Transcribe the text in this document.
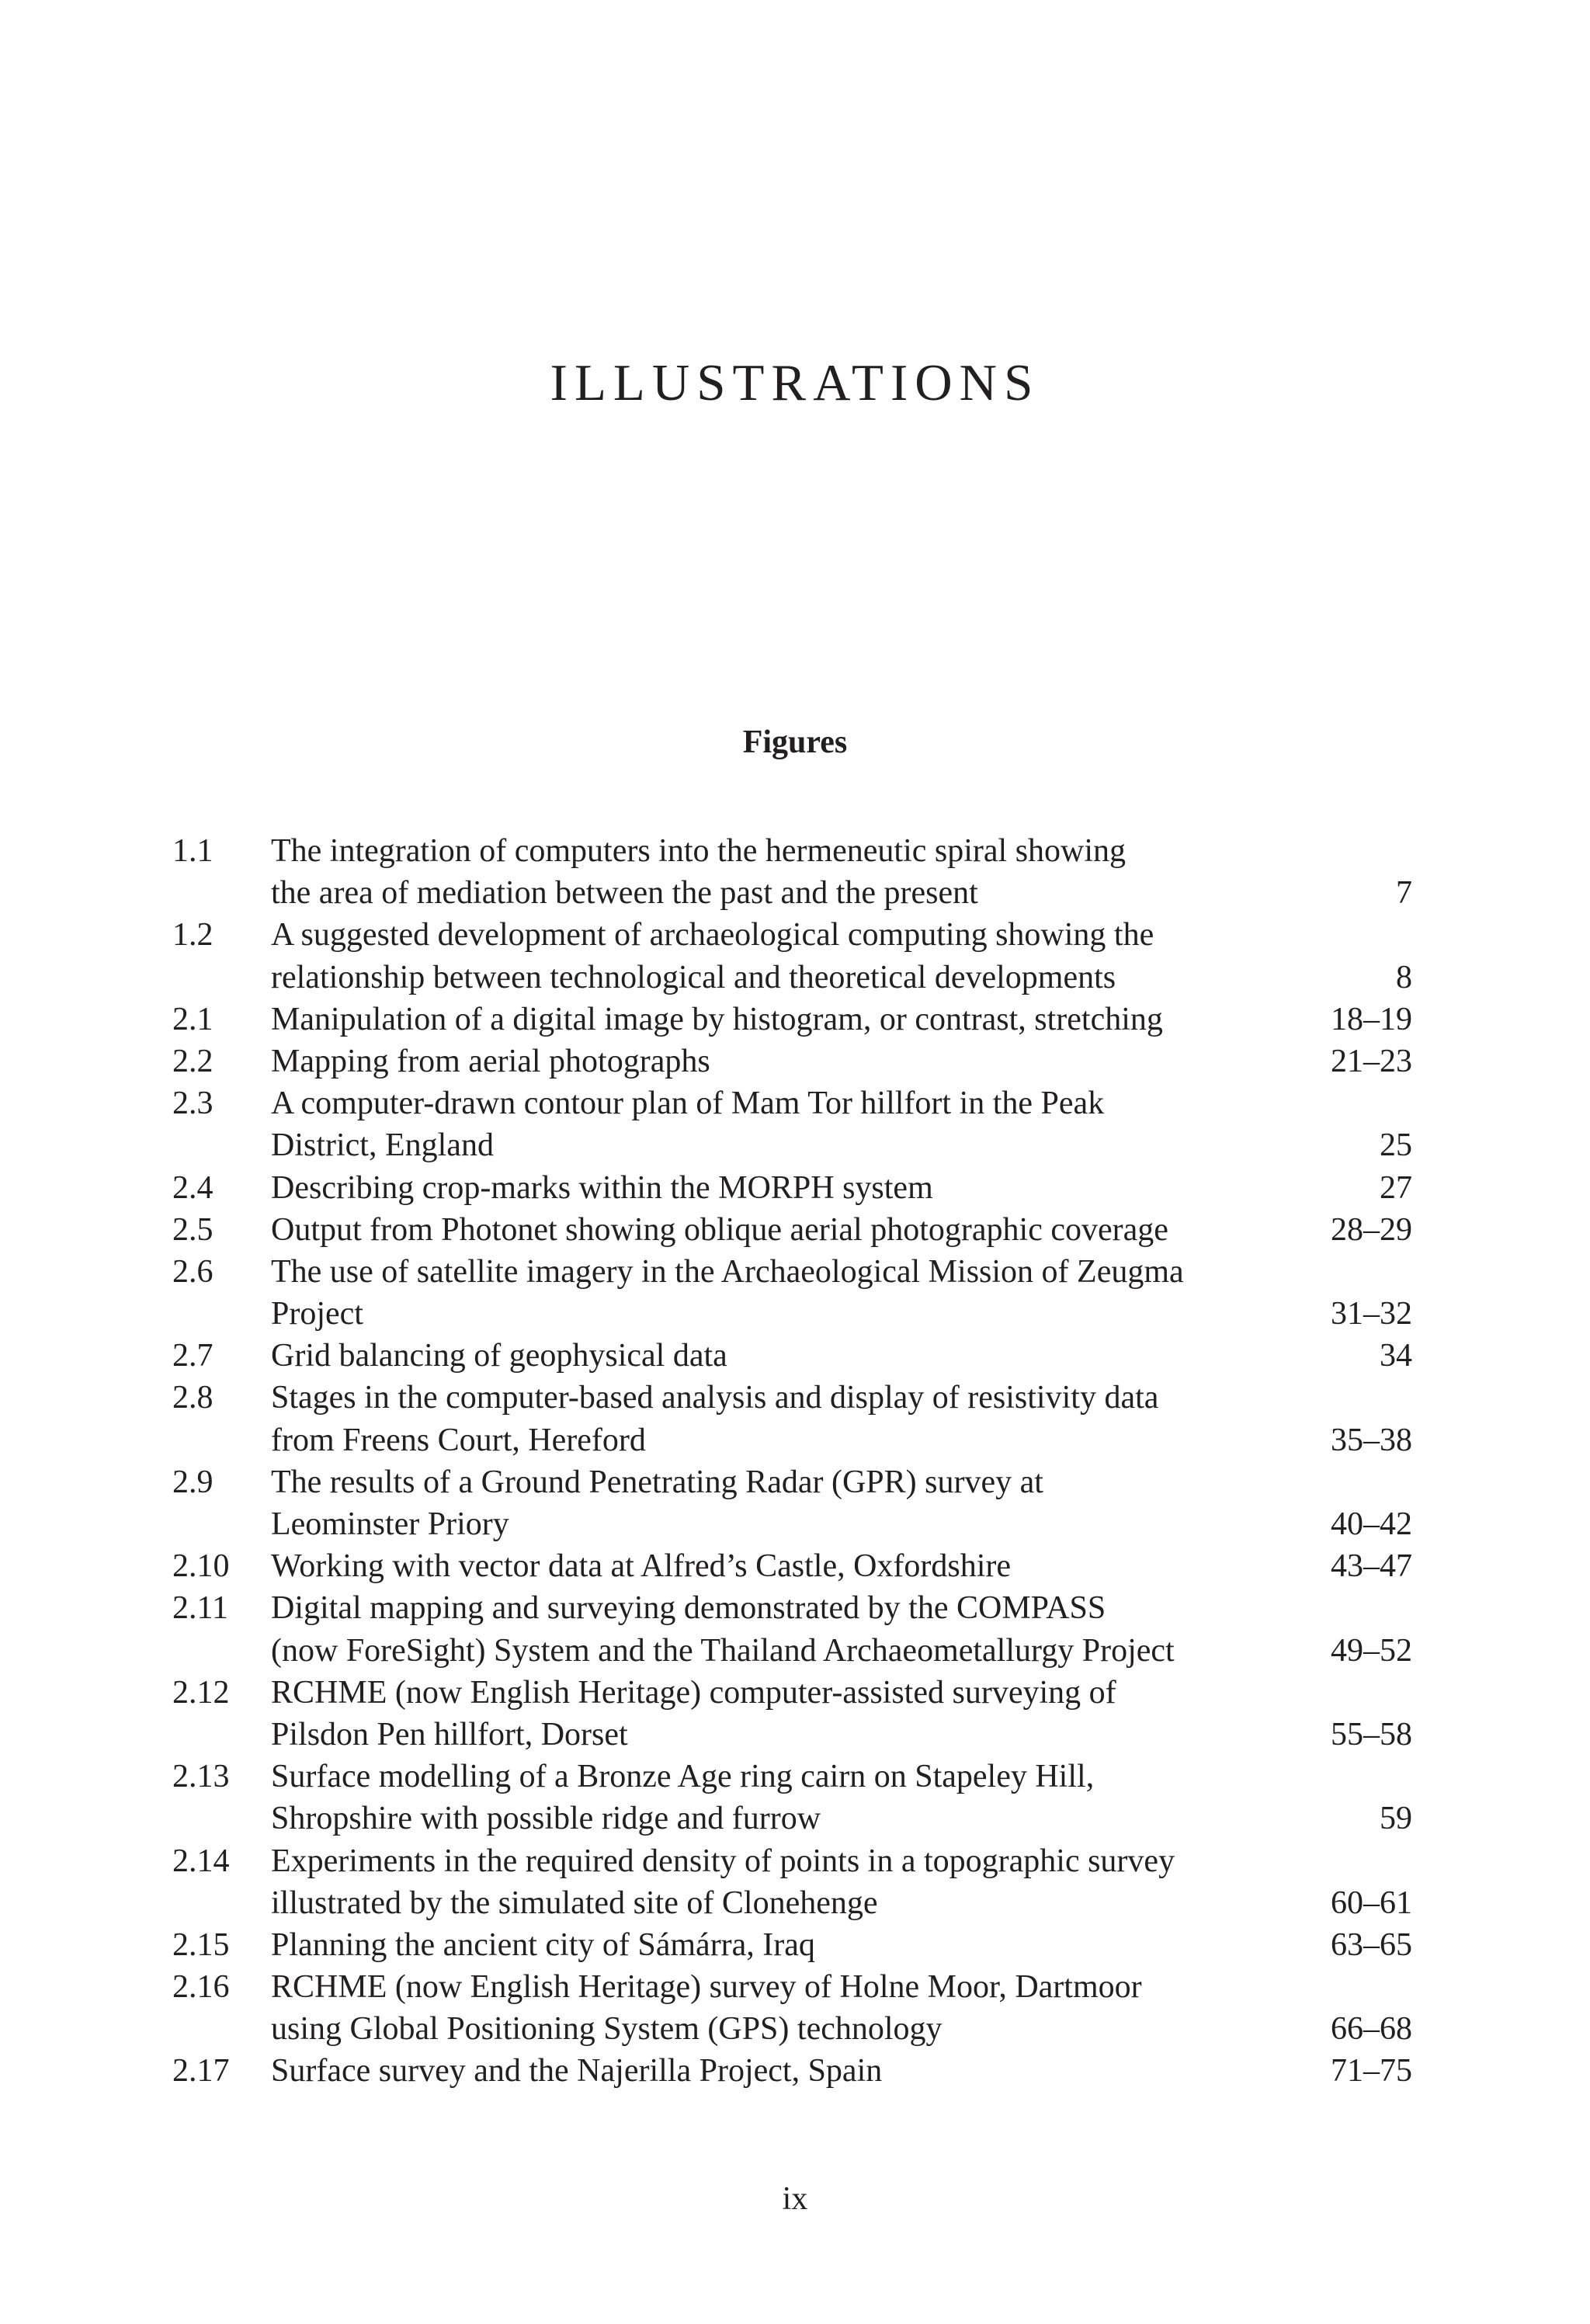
ILLUSTRATIONS
Figures
1.1 The integration of computers into the hermeneutic spiral showing
the area of mediation between the past and the present	7
1.2 A suggested development of archaeological computing showing the
relationship between technological and theoretical developments	8
2.1 Manipulation of a digital image by histogram, or contrast, stretching	18–19
2.2 Mapping from aerial photographs	21–23
2.3 A computer-drawn contour plan of Mam Tor hillfort in the Peak
District, England	25
2.4 Describing crop-marks within the MORPH system	27
2.5 Output from Photonet showing oblique aerial photographic coverage	28–29
2.6 The use of satellite imagery in the Archaeological Mission of Zeugma
Project	31–32
2.7 Grid balancing of geophysical data	34
2.8 Stages in the computer-based analysis and display of resistivity data
from Freens Court, Hereford	35–38
2.9 The results of a Ground Penetrating Radar (GPR) survey at
Leominster Priory	40–42
2.10 Working with vector data at Alfred’s Castle, Oxfordshire	43–47
2.11 Digital mapping and surveying demonstrated by the COMPASS
(now ForeSight) System and the Thailand Archaeometallurgy Project	49–52
2.12 RCHME (now English Heritage) computer-assisted surveying of
Pilsdon Pen hillfort, Dorset	55–58
2.13 Surface modelling of a Bronze Age ring cairn on Stapeley Hill,
Shropshire with possible ridge and furrow	59
2.14 Experiments in the required density of points in a topographic survey
illustrated by the simulated site of Clonehenge	60–61
2.15 Planning the ancient city of Sámárra, Iraq	63–65
2.16 RCHME (now English Heritage) survey of Holne Moor, Dartmoor
using Global Positioning System (GPS) technology	66–68
2.17 Surface survey and the Najerilla Project, Spain	71–75
ix
